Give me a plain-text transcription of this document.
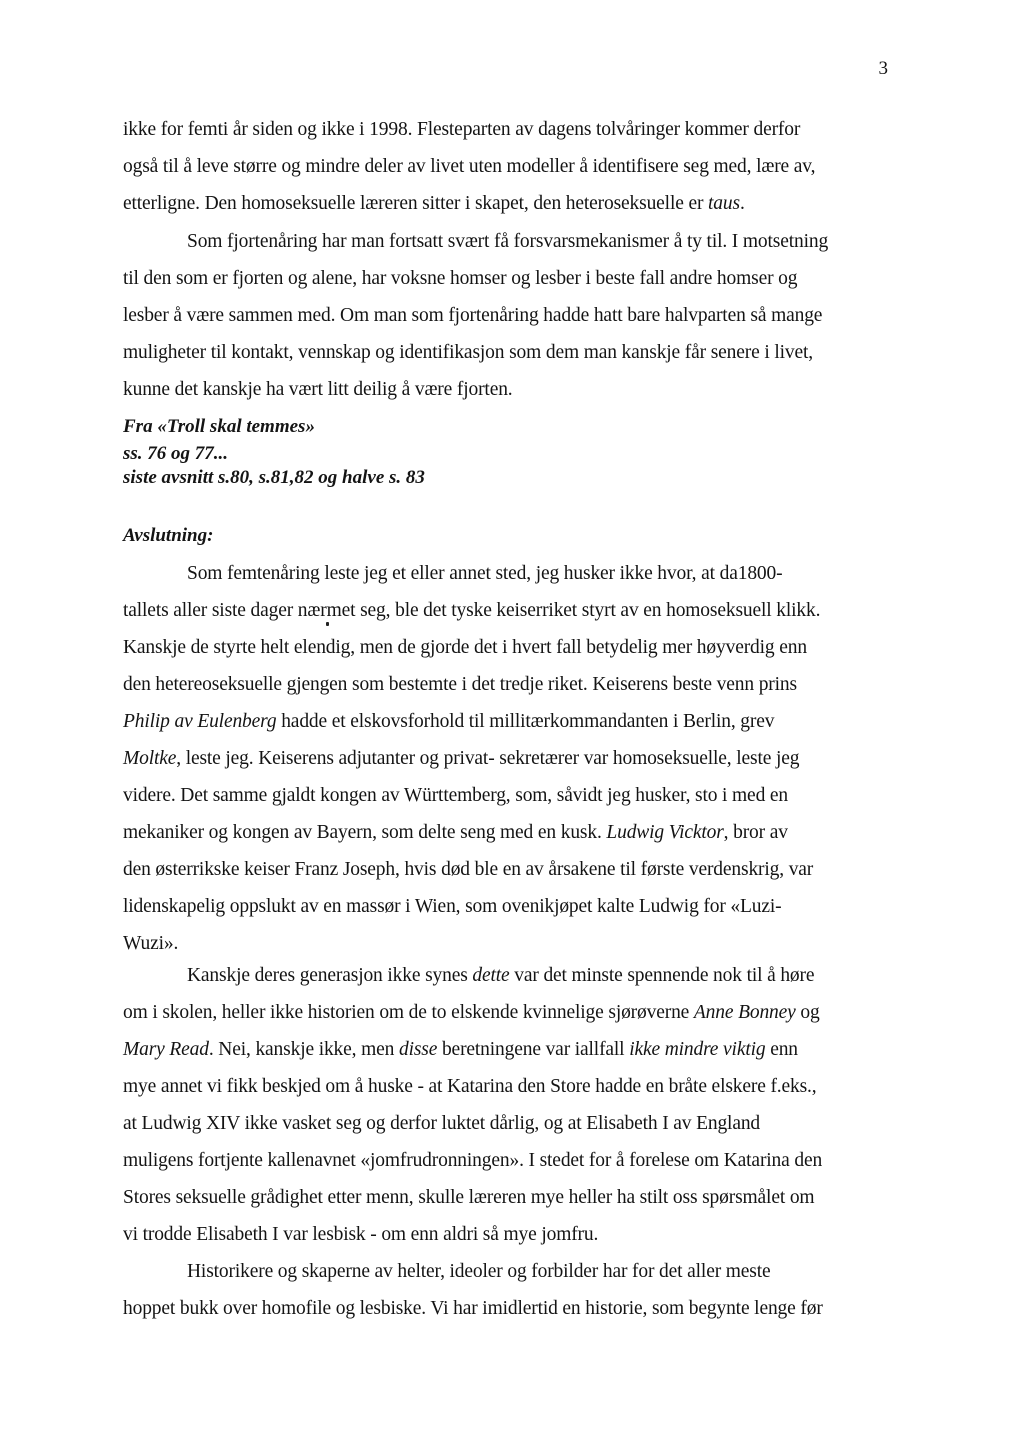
3
ikke for femti år siden og ikke i 1998. Flesteparten av dagens tolvåringer kommer derfor
også til å leve større og mindre deler av livet uten modeller å identifisere seg med, lære av,
etterligne. Den homoseksuelle læreren sitter i skapet, den heteroseksuelle er taus.
Som fjortenåring har man fortsatt svært få forsvarsmekanismer å ty til. I motsetning
til den som er fjorten og alene, har voksne homser og lesber i beste fall andre homser og
lesber å være sammen med. Om man som fjortenåring hadde hatt bare halvparten så mange
muligheter til kontakt, vennskap og identifikasjon som dem man kanskje får senere i livet,
kunne det kanskje ha vært litt deilig å være fjorten.
Fra «Troll skal temmes»
ss. 76 og 77...
siste avsnitt s.80, s.81,82 og halve s. 83
Avslutning:
Som femtenåring leste jeg et eller annet sted, jeg husker ikke hvor, at da1800-
tallets aller siste dager nærmet seg, ble det tyske keiserriket styrt av en homoseksuell klikk.
Kanskje de styrte helt elendig, men de gjorde det i hvert fall betydelig mer høyverdig enn
den hetereoseksuelle gjengen som bestemte i det tredje riket. Keiserens beste venn prins
Philip av Eulenberg hadde et elskovsforhold til millitærkommandanten i Berlin, grev
Moltke, leste jeg. Keiserens adjutanter og privat- sekretærer var homoseksuelle, leste jeg
videre. Det samme gjaldt kongen av Württemberg, som, såvidt jeg husker, sto i med en
mekaniker og kongen av Bayern, som delte seng med en kusk. Ludwig Vicktor, bror av
den østerrikske keiser Franz Joseph, hvis død ble en av årsakene til første verdenskrig, var
lidenskapelig oppslukt av en massør i Wien, som ovenikjøpet kalte Ludwig for «Luzi-
Wuzi».
Kanskje deres generasjon ikke synes dette var det minste spennende nok til å høre
om i skolen, heller ikke historien om de to elskende kvinnelige sjørøverne Anne Bonney og
Mary Read. Nei, kanskje ikke, men disse beretningene var iallfall ikke mindre viktig enn
mye annet vi fikk beskjed om å huske - at Katarina den Store hadde en bråte elskere f.eks.,
at Ludwig XIV ikke vasket seg og derfor luktet dårlig, og at Elisabeth I av England
muligens fortjente kallenavnet «jomfrudronningen». I stedet for å forelese om Katarina den
Stores seksuelle grådighet etter menn, skulle læreren mye heller ha stilt oss spørsmålet om
vi trodde Elisabeth I var lesbisk - om enn aldri så mye jomfru.
Historikere og skaperne av helter, ideoler og forbilder har for det aller meste
hoppet bukk over homofile og lesbiske. Vi har imidlertid en historie, som begynte lenge før
